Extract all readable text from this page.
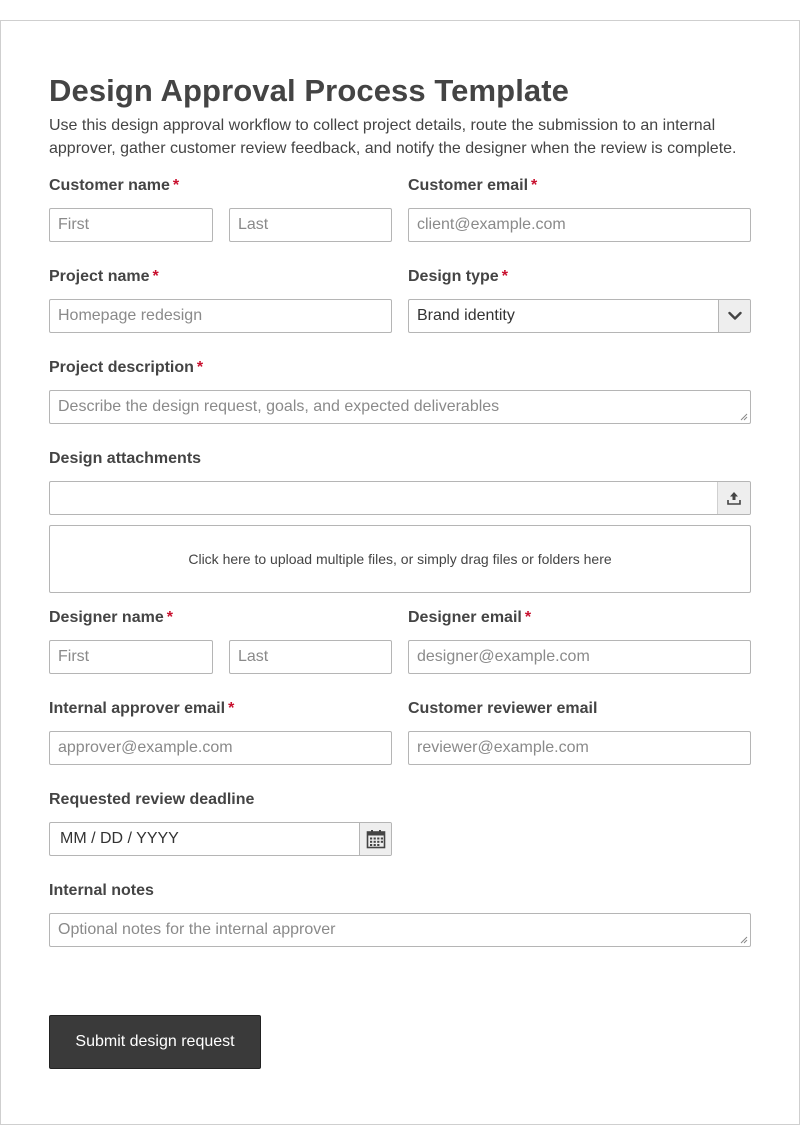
Design Approval Process Template

Use this design approval workflow to collect project details, route the submission to an internal approver, gather customer review feedback, and notify the designer when the review is complete.

Customer name *
First	Last
Customer email *
client@example.com
Project name *
Homepage redesign
Design type *
Brand identity
Project description *
Describe the design request, goals, and expected deliverables
Design attachments
Click here to upload multiple files, or simply drag files or folders here
Designer name *
First	Last
Designer email *
designer@example.com
Internal approver email *
approver@example.com
Customer reviewer email
reviewer@example.com
Requested review deadline
MM / DD / YYYY
Internal notes
Optional notes for the internal approver
Submit design request
